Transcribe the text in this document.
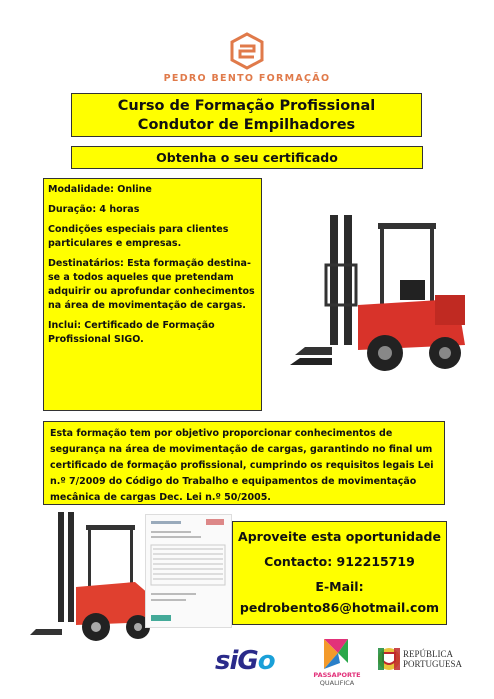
PEDRO BENTO FORMAÇÃO
Curso de Formação Profissional
Condutor de Empilhadores
Obtenha o seu certificado

Modalidade: Online

Duração: 4 horas

Condições especiais para clientes particulares e empresas.

Destinatários: Esta formação destina-se a todos aqueles que pretendam adquirir ou aprofundar conhecimentos na área de movimentação de cargas.

Inclui: Certificado de Formação Profissional SIGO.

Esta formação tem por objetivo proporcionar conhecimentos de segurança na área de movimentação de cargas, garantindo no final um certificado de formação profissional, cumprindo os requisitos legais Lei n.º 7/2009 do Código do Trabalho e equipamentos de movimentação mecânica de cargas Dec. Lei n.º 50/2005.
Aproveite esta oportunidade
Contacto: 912215719
E-Mail:
pedrobento86@hotmail.com
siGo	PASSAPORTE
QUALIFICA
REPÚBLICA
PORTUGUESA
